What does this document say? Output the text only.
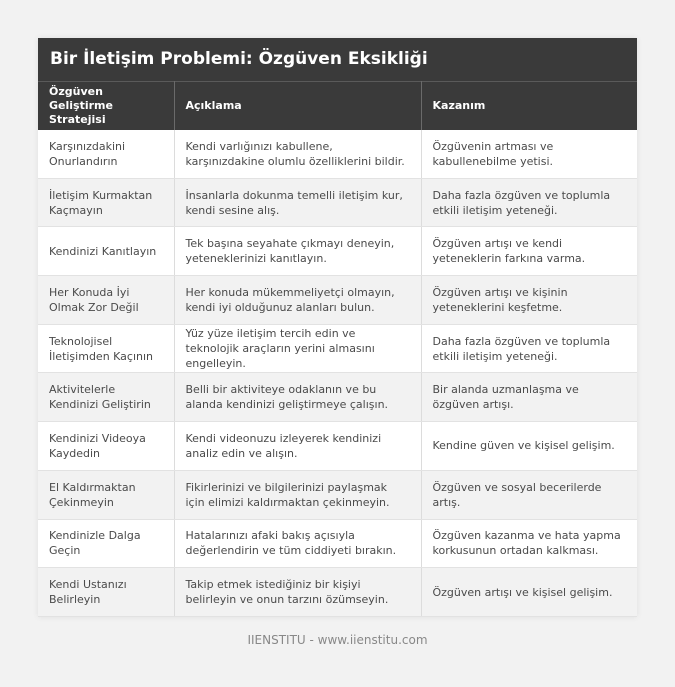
Bir İletişim Problemi: Özgüven Eksikliği
Özgüven Geliştirme Stratejisi	Açıklama	Kazanım
Karşınızdakini Onurlandırın	Kendi varlığınızı kabullene, karşınızdakine olumlu özelliklerini bildir.	Özgüvenin artması ve kabullenebilme yetisi.
İletişim Kurmaktan Kaçmayın	İnsanlarla dokunma temelli iletişim kur, kendi sesine alış.	Daha fazla özgüven ve toplumla etkili iletişim yeteneği.
Kendinizi Kanıtlayın	Tek başına seyahate çıkmayı deneyin, yeteneklerinizi kanıtlayın.	Özgüven artışı ve kendi yeteneklerin farkına varma.
Her Konuda İyi Olmak Zor Değil	Her konuda mükemmeliyetçi olmayın, kendi iyi olduğunuz alanları bulun.	Özgüven artışı ve kişinin yeteneklerini keşfetme.
Teknolojisel İletişimden Kaçının	Yüz yüze iletişim tercih edin ve teknolojik araçların yerini almasını engelleyin.	Daha fazla özgüven ve toplumla etkili iletişim yeteneği.
Aktivitelerle Kendinizi Geliştirin	Belli bir aktiviteye odaklanın ve bu alanda kendinizi geliştirmeye çalışın.	Bir alanda uzmanlaşma ve özgüven artışı.
Kendinizi Videoya Kaydedin	Kendi videonuzu izleyerek kendinizi analiz edin ve alışın.	Kendine güven ve kişisel gelişim.
El Kaldırmaktan Çekinmeyin	Fikirlerinizi ve bilgilerinizi paylaşmak için elimizi kaldırmaktan çekinmeyin.	Özgüven ve sosyal becerilerde artış.
Kendinizle Dalga Geçin	Hatalarınızı afaki bakış açısıyla değerlendirin ve tüm ciddiyeti bırakın.	Özgüven kazanma ve hata yapma korkusunun ortadan kalkması.
Kendi Ustanızı Belirleyin	Takip etmek istediğiniz bir kişiyi belirleyin ve onun tarzını özümseyin.	Özgüven artışı ve kişisel gelişim.
IIENSTITU - www.iienstitu.com
